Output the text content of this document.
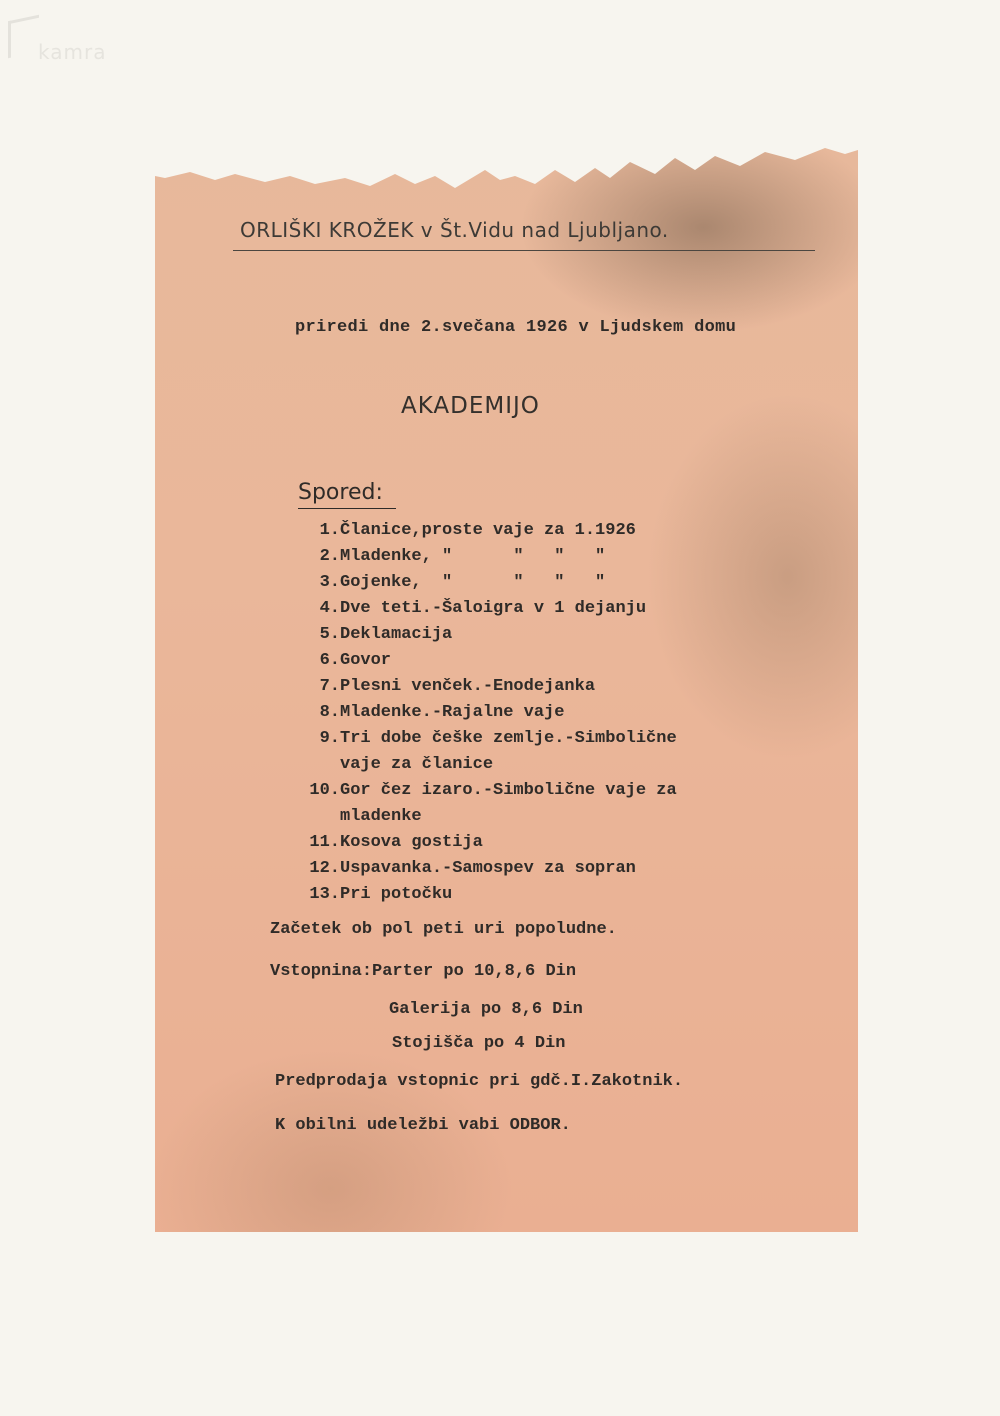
kamra
ORLIŠKI KROŽEK v Št.Vidu nad Ljubljano.
priredi dne 2.svečana 1926 v Ljudskem domu
AKADEMIJO
Spored:
1.Članice,proste vaje za 1.1926
2.Mladenke, "      "   "   "
3.Gojenke,  "      "   "   "
4.Dve teti.-Šaloigra v 1 dejanju
5.Deklamacija
6.Govor
7.Plesni venček.-Enodejanka
8.Mladenke.-Rajalne vaje
9.Tri dobe češke zemlje.-Simbolične
vaje za članice
10.Gor čez izaro.-Simbolične vaje za
mladenke
11.Kosova gostija
12.Uspavanka.-Samospev za sopran
13.Pri potočku
Začetek ob pol peti uri popoludne.
Vstopnina:Parter po 10,8,6 Din
Galerija po 8,6 Din
Stojišča po 4 Din
Predprodaja vstopnic pri gdč.I.Zakotnik.
K obilni udeležbi vabi ODBOR.
